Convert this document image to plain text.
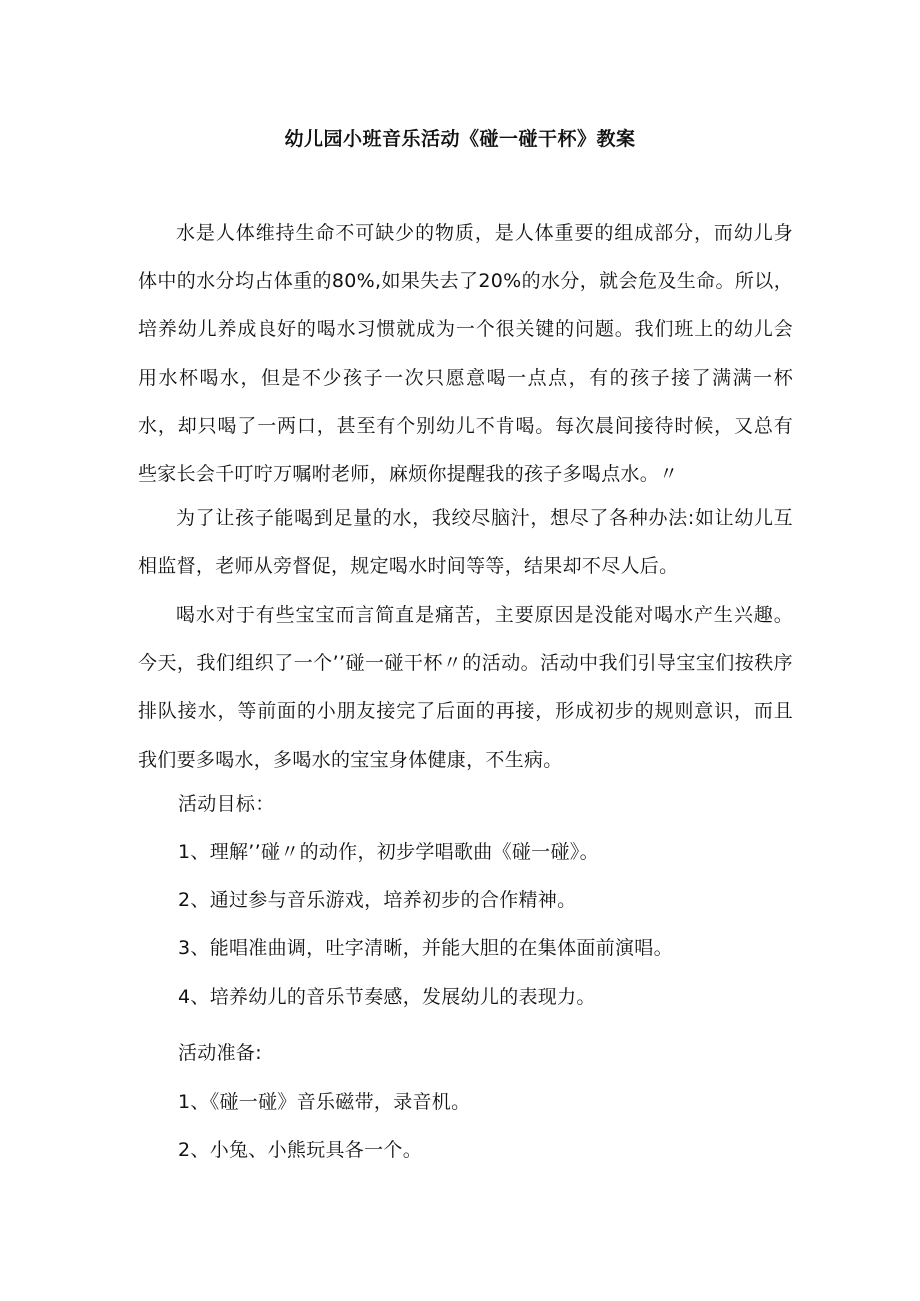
幼儿园小班音乐活动《碰一碰干杯》教案

水是人体维持生命不可缺少的物质，是人体重要的组成部分，而幼儿身体中的水分均占体重的80%,如果失去了20%的水分，就会危及生命。所以，培养幼儿养成良好的喝水习惯就成为一个很关键的问题。我们班上的幼儿会用水杯喝水，但是不少孩子一次只愿意喝一点点，有的孩子接了满满一杯水，却只喝了一两口，甚至有个别幼儿不肯喝。每次晨间接待时候，又总有些家长会千叮咛万嘱咐老师，麻烦你提醒我的孩子多喝点水。〃

为了让孩子能喝到足量的水，我绞尽脑汁，想尽了各种办法:如让幼儿互相监督，老师从旁督促，规定喝水时间等等，结果却不尽人后。

喝水对于有些宝宝而言简直是痛苦，主要原因是没能对喝水产生兴趣。今天，我们组织了一个’’碰一碰干杯〃的活动。活动中我们引导宝宝们按秩序排队接水，等前面的小朋友接完了后面的再接，形成初步的规则意识，而且我们要多喝水，多喝水的宝宝身体健康，不生病。

活动目标：

1、理解’’碰〃的动作，初步学唱歌曲《碰一碰》。

2、通过参与音乐游戏，培养初步的合作精神。

3、能唱准曲调，吐字清晰，并能大胆的在集体面前演唱。

4、培养幼儿的音乐节奏感，发展幼儿的表现力。

活动准备:

1、《碰一碰》音乐磁带，录音机。

2、小兔、小熊玩具各一个。
